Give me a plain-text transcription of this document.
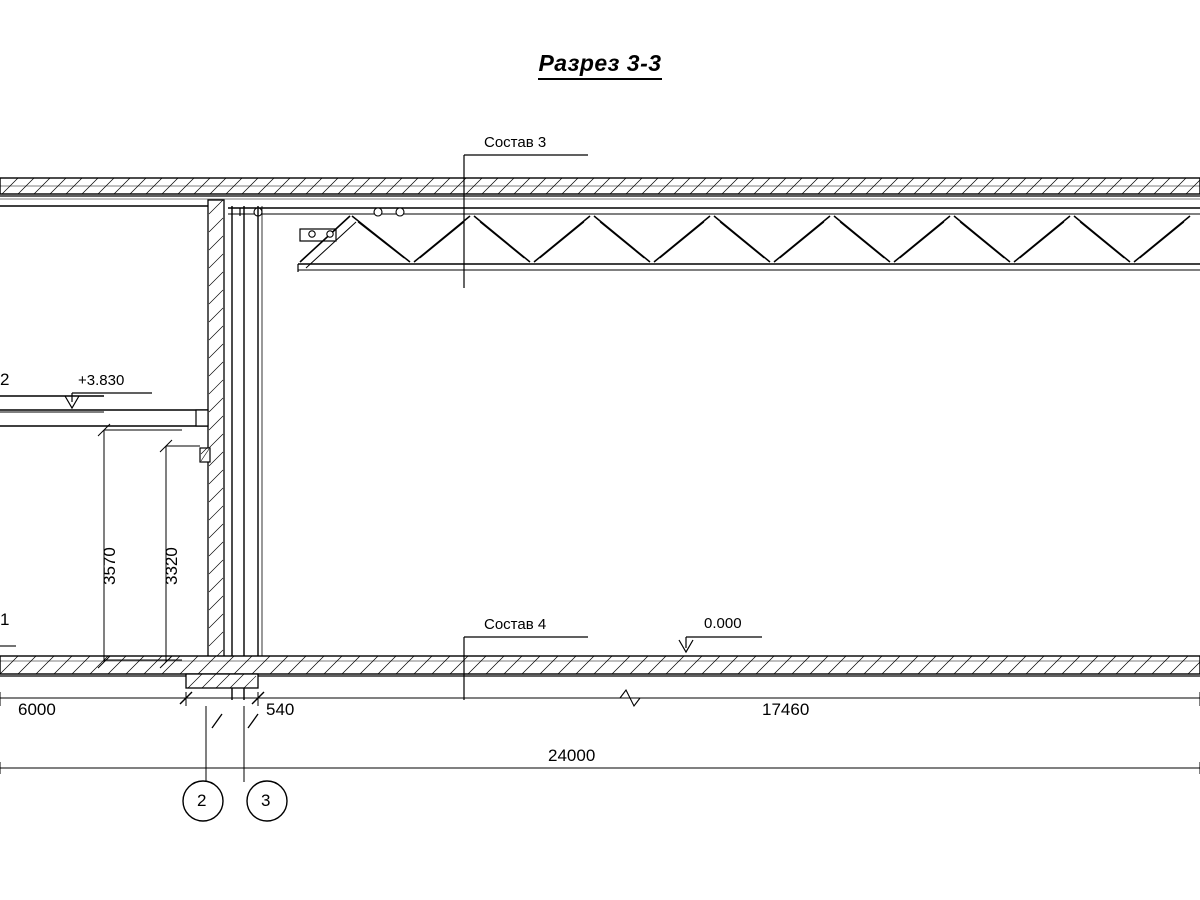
Разрез 3-3
Состав 3
Состав 4	0.000
+3.830
2
1
3570	3320
6000	540	17460
24000
2	3
